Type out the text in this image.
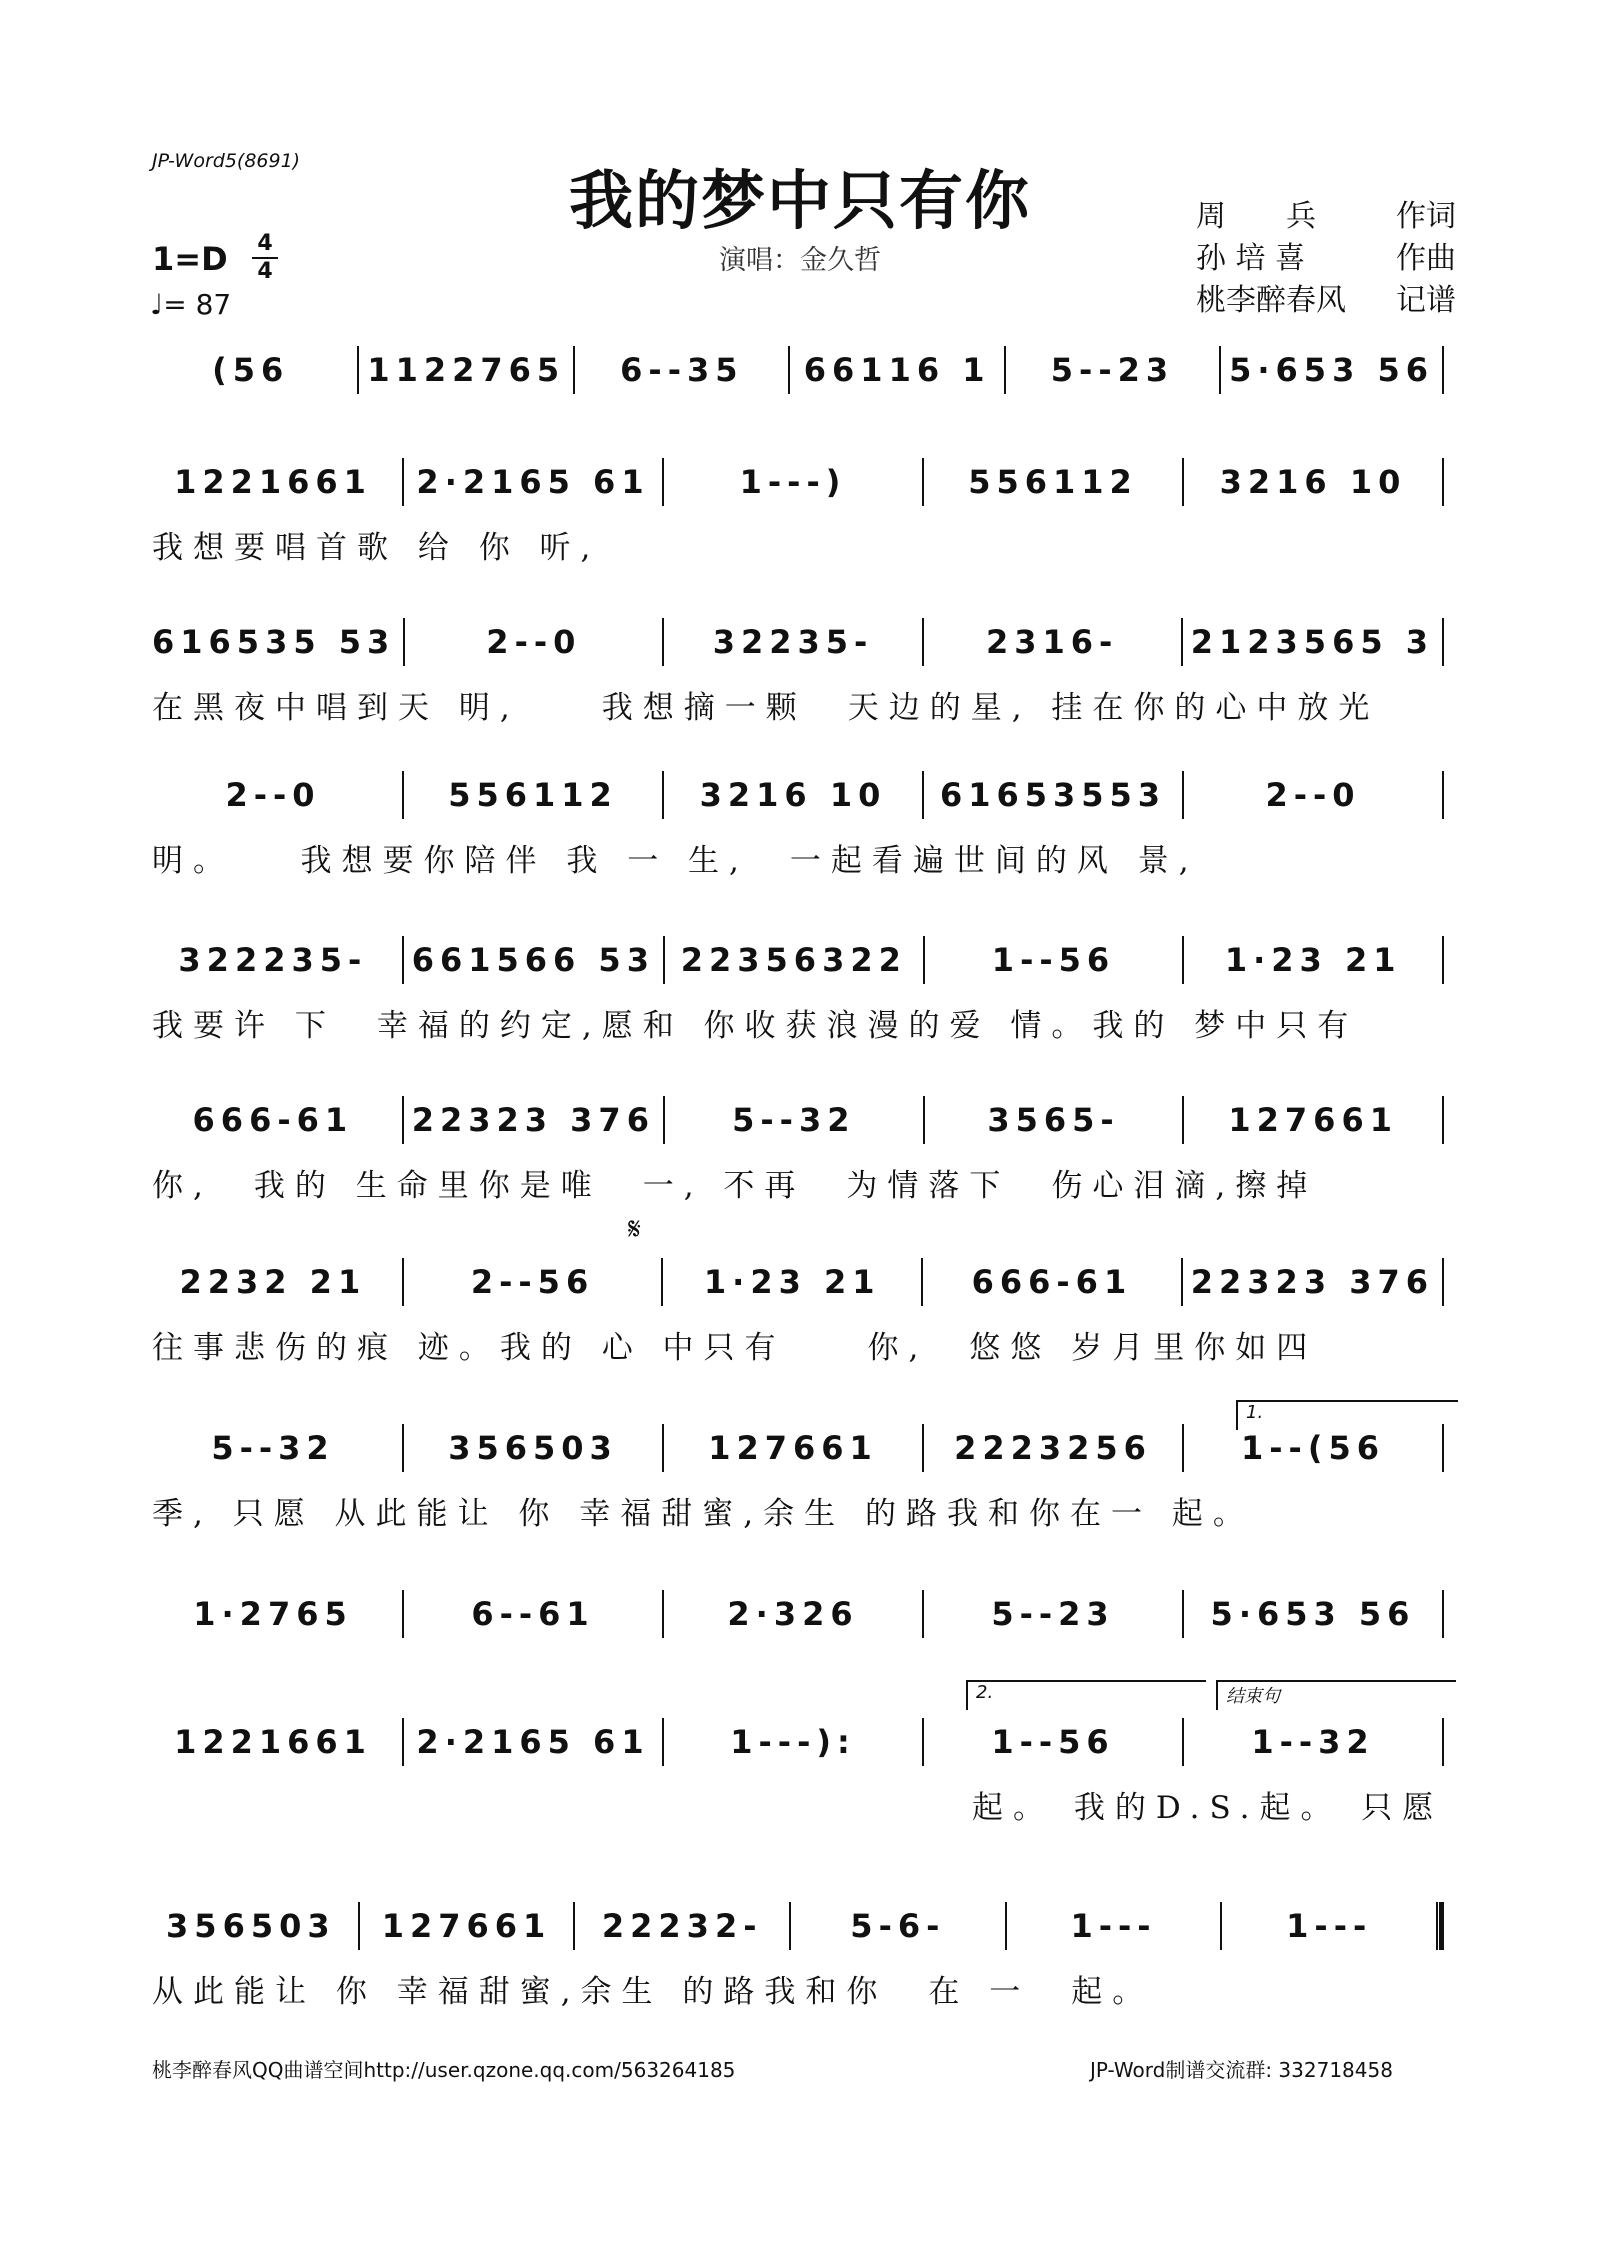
JP-Word5(8691)
我的梦中只有你
演唱：金久哲
1=D 4
4
♩= 87
周　　兵	作词
孙 培 喜	作曲
桃李醉春风 记谱
(56	1122765	6--35	66116 1	5--23	5·653 56
1221661	2·2165 61	1---)	556112	3216 10
我想要唱首歌 给 你 听,
616535 53	2--0	32235-	2316-	2123565 3
在黑夜中唱到天 明,　　我想摘一颗　天边的星, 挂在你的心中放光
2--0	556112	3216 10	61653553	2--0
明。　　我想要你陪伴 我 一 生,　一起看遍世间的风 景,
322235-	661566 53 22356322	1--56	1·23 21
我要许 下　幸福的约定,愿和 你收获浪漫的爱 情。我的 梦中只有
666-61	22323 376	5--32	3565-	127661
你,　我的 生命里你是唯　一, 不再　为情落下　伤心泪滴,擦掉
2232 21	2--56	1·23 21	666-61	22323 376
往事悲伤的痕 迹。我的 心 中只有　　你,　悠悠 岁月里你如四
5--32	356503	127661	2223256	1--(56
季, 只愿 从此能让 你 幸福甜蜜,余生 的路我和你在一 起。
1·2765	6--61	2·326	5--23	5·653 56
1221661	2·2165 61	1---):	1--56	1--32
　　　　　　　　　　　　　　　　　　　　起。 我的D.S.起。 只愿
356503	127661	22232-	5-6-	1---	1---
从此能让 你 幸福甜蜜,余生 的路我和你　在 一　起。
𝄋
1.
2.	结束句
桃李醉春风QQ曲谱空间http://user.qzone.qq.com/563264185	JP-Word制谱交流群: 332718458
